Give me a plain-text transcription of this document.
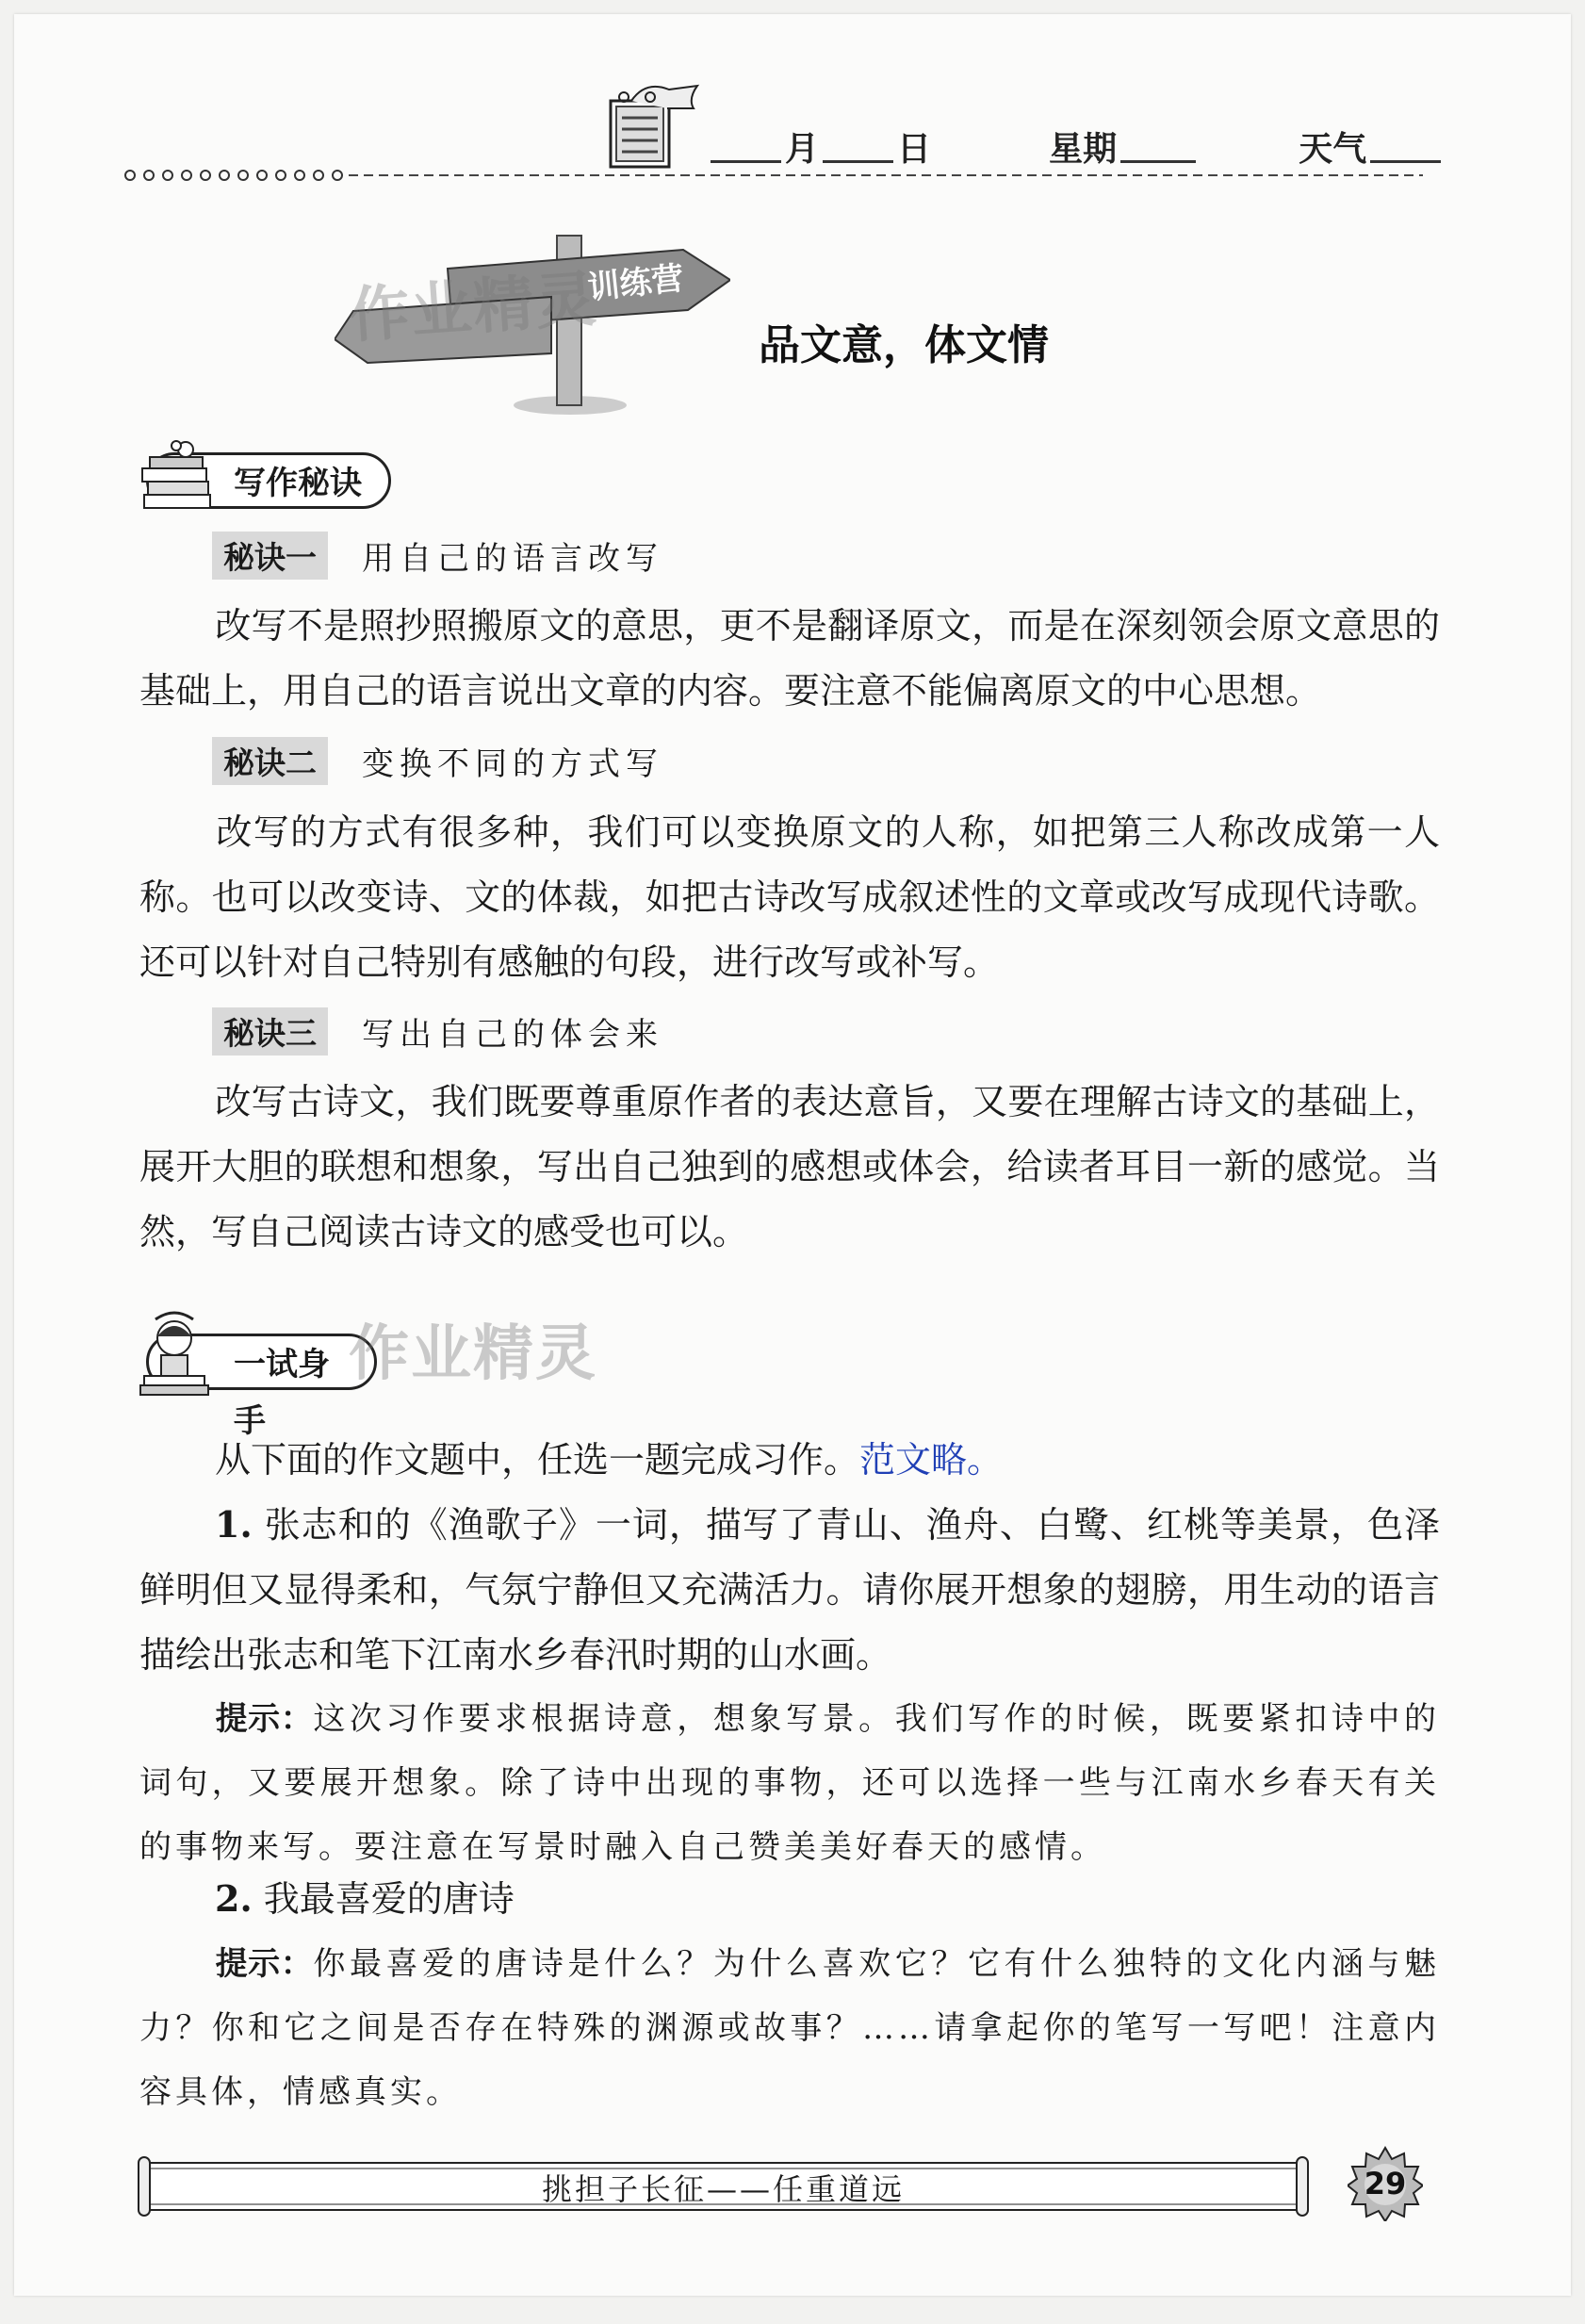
月 日	星期	天气
训练营
作业精灵	品文意，体文情
写作秘诀
秘诀一	用自己的语言改写
改写不是照抄照搬原文的意思，更不是翻译原文，而是在深刻领会原文意思的基础上，用自己的语言说出文章的内容。要注意不能偏离原文的中心思想。
秘诀二	变换不同的方式写
改写的方式有很多种，我们可以变换原文的人称，如把第三人称改成第一人称。也可以改变诗、文的体裁，如把古诗改写成叙述性的文章或改写成现代诗歌。还可以针对自己特别有感触的句段，进行改写或补写。
秘诀三	写出自己的体会来
改写古诗文，我们既要尊重原作者的表达意旨，又要在理解古诗文的基础上，展开大胆的联想和想象，写出自己独到的感想或体会，给读者耳目一新的感觉。当然，写自己阅读古诗文的感受也可以。
一试身手
作业精灵
从下面的作文题中，任选一题完成习作。范文略。
1. 张志和的《渔歌子》一词，描写了青山、渔舟、白鹭、红桃等美景，色泽鲜明但又显得柔和，气氛宁静但又充满活力。请你展开想象的翅膀，用生动的语言描绘出张志和笔下江南水乡春汛时期的山水画。
提示：这次习作要求根据诗意，想象写景。我们写作的时候，既要紧扣诗中的词句，又要展开想象。除了诗中出现的事物，还可以选择一些与江南水乡春天有关的事物来写。要注意在写景时融入自己赞美美好春天的感情。
2. 我最喜爱的唐诗
提示：你最喜爱的唐诗是什么？为什么喜欢它？它有什么独特的文化内涵与魅力？你和它之间是否存在特殊的渊源或故事？……请拿起你的笔写一写吧！注意内容具体，情感真实。
挑担子长征——任重道远	29
